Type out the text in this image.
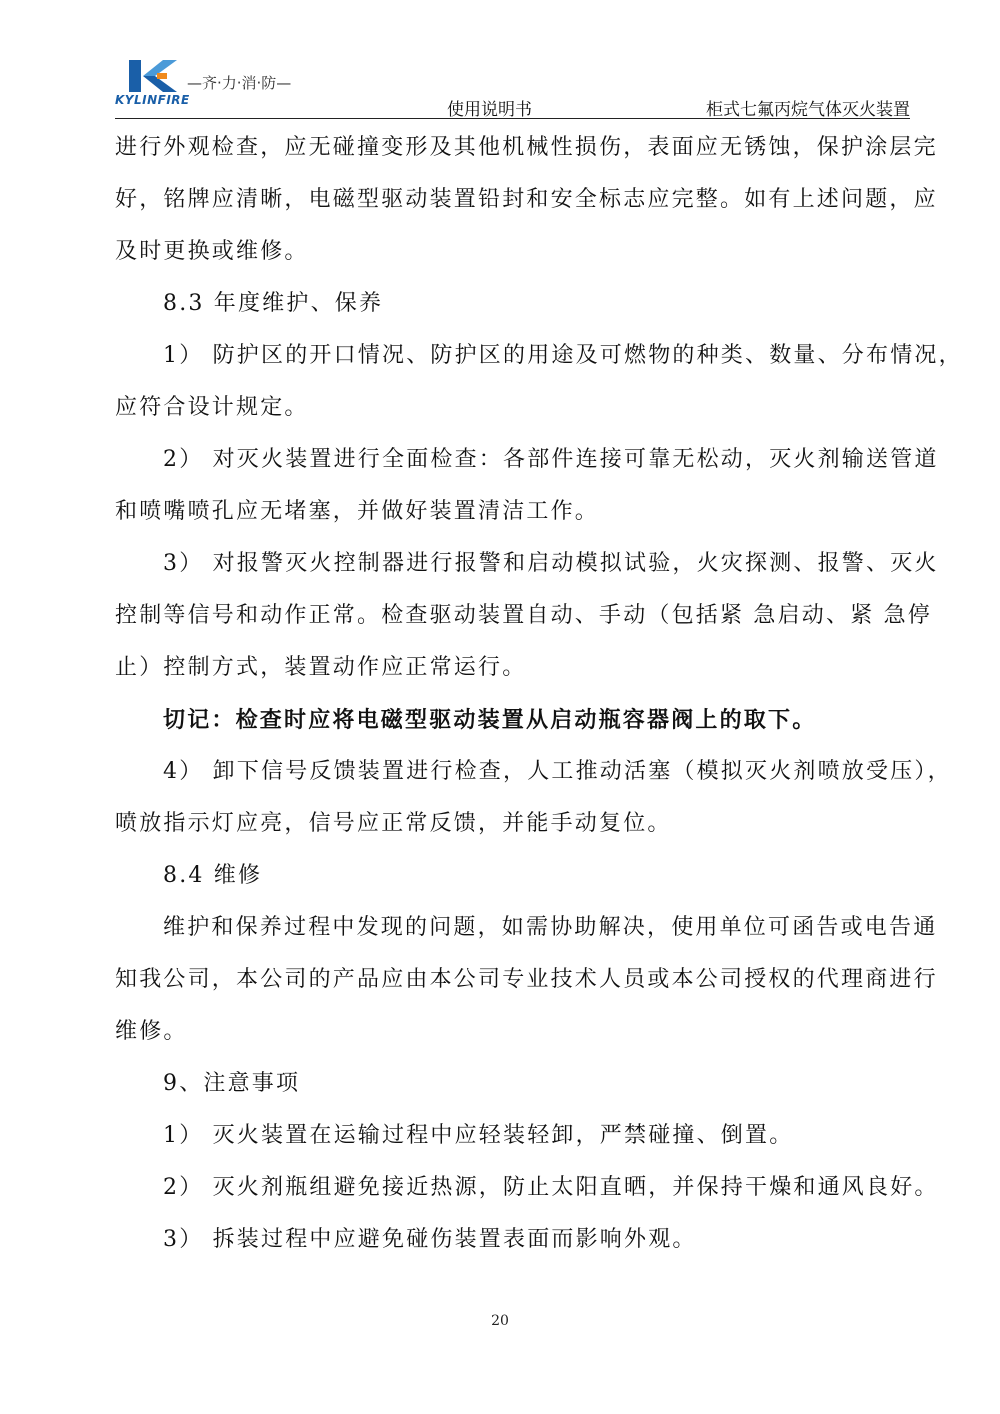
KYLINFIRE
—齐·力·消·防—
使用说明书	柜式七氟丙烷气体灭火装置

进行外观检查，应无碰撞变形及其他机械性损伤，表面应无锈蚀，保护涂层完

好，铭牌应清晰，电磁型驱动装置铅封和安全标志应完整。如有上述问题，应

及时更换或维修。

8.3 年度维护、保养

1） 防护区的开口情况、防护区的用途及可燃物的种类、数量、分布情况，

应符合设计规定。

2） 对灭火装置进行全面检查：各部件连接可靠无松动，灭火剂输送管道

和喷嘴喷孔应无堵塞，并做好装置清洁工作。

3） 对报警灭火控制器进行报警和启动模拟试验，火灾探测、报警、灭火

控制等信号和动作正常。检查驱动装置自动、手动（包括紧 急启动、紧 急停

止）控制方式，装置动作应正常运行。

切记：检查时应将电磁型驱动装置从启动瓶容器阀上的取下。

4） 卸下信号反馈装置进行检查，人工推动活塞（模拟灭火剂喷放受压），

喷放指示灯应亮，信号应正常反馈，并能手动复位。

8.4 维修

维护和保养过程中发现的问题，如需协助解决，使用单位可函告或电告通

知我公司，本公司的产品应由本公司专业技术人员或本公司授权的代理商进行

维修。

9、注意事项

1） 灭火装置在运输过程中应轻装轻卸，严禁碰撞、倒置。

2） 灭火剂瓶组避免接近热源，防止太阳直晒，并保持干燥和通风良好。

3） 拆装过程中应避免碰伤装置表面而影响外观。

20
